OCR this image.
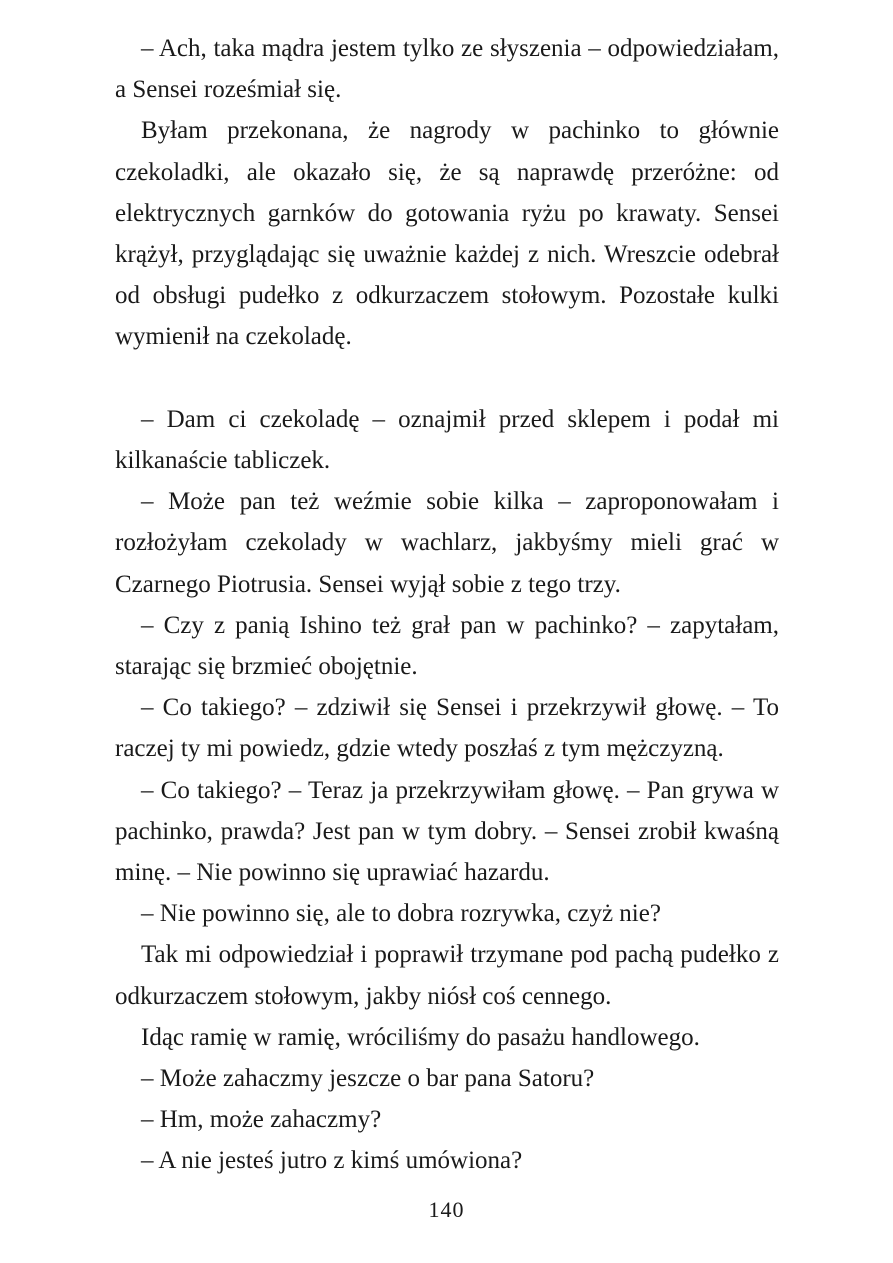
– Ach, taka mądra jestem tylko ze słyszenia – odpowiedziałam, a Sensei roześmiał się.

Byłam przekonana, że nagrody w pachinko to głównie czekoladki, ale okazało się, że są naprawdę przeróżne: od elektrycznych garnków do gotowania ryżu po krawaty. Sensei krążył, przyglądając się uważnie każdej z nich. Wreszcie odebrał od obsługi pudełko z odkurzaczem stołowym. Pozostałe kulki wymienił na czekoladę.

– Dam ci czekoladę – oznajmił przed sklepem i podał mi kilkanaście tabliczek.

– Może pan też weźmie sobie kilka – zaproponowałam i rozłożyłam czekolady w wachlarz, jakbyśmy mieli grać w Czarnego Piotrusia. Sensei wyjął sobie z tego trzy.

– Czy z panią Ishino też grał pan w pachinko? – zapytałam, starając się brzmieć obojętnie.

– Co takiego? – zdziwił się Sensei i przekrzywił głowę. – To raczej ty mi powiedz, gdzie wtedy poszłaś z tym mężczyzną.

– Co takiego? – Teraz ja przekrzywiłam głowę. – Pan grywa w pachinko, prawda? Jest pan w tym dobry. – Sensei zrobił kwaśną minę. – Nie powinno się uprawiać hazardu.

– Nie powinno się, ale to dobra rozrywka, czyż nie?

Tak mi odpowiedział i poprawił trzymane pod pachą pudełko z odkurzaczem stołowym, jakby niósł coś cennego.

Idąc ramię w ramię, wróciliśmy do pasażu handlowego.

– Może zahaczmy jeszcze o bar pana Satoru?

– Hm, może zahaczmy?

– A nie jesteś jutro z kimś umówiona?

140
